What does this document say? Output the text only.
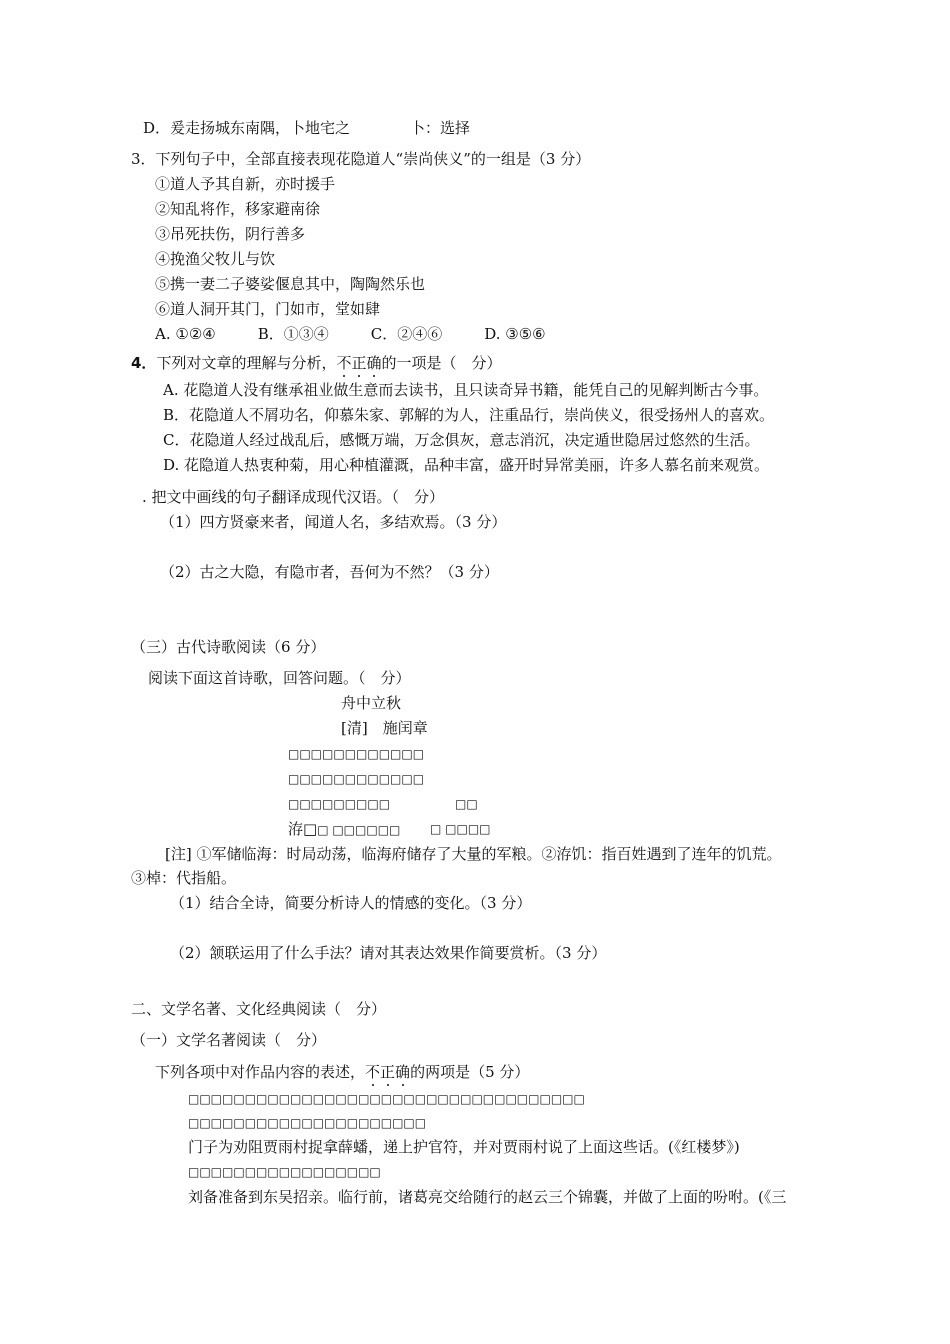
D．爰走扬城东南隅，卜地宅之	卜：选择
3．下列句子中，全部直接表现花隐道人“崇尚侠义”的一组是（3 分）
①道人予其自新，亦时援手
②知乱将作，移家避南徐
③吊死扶伤，阴行善多
④挽渔父牧儿与饮
⑤携一妻二子婆娑偃息其中，陶陶然乐也
⑥道人洞开其门，门如市，堂如肆
A. ①②④	B．①③④	C．②④⑥	D. ③⑤⑥
4．下列对文章的理解与分析，不正确的一项是（　分）
A. 花隐道人没有继承祖业做生意而去读书，且只读奇异书籍，能凭自己的见解判断古今事。
B．花隐道人不屑功名，仰慕朱家、郭解的为人，注重品行，崇尚侠义，很受扬州人的喜欢。
C．花隐道人经过战乱后，感慨万端，万念俱灰，意志消沉，决定遁世隐居过悠然的生活。
D. 花隐道人热衷种菊，用心种植灌溉，品种丰富，盛开时异常美丽，许多人慕名前来观赏。
. 把文中画线的句子翻译成现代汉语。（　分）
（1）四方贤豪来者，闻道人名，多结欢焉。（3 分）
（2）古之大隐，有隐市者，吾何为不然？（3 分）
（三）古代诗歌阅读（6 分）
阅读下面这首诗歌，回答问题。（　分）
舟中立秋
[清]　施闰章
□□□□□□□□□□□□
□□□□□□□□□□□□
□□□□□□□□□	□□
洊□□ □□□□□□ □ □□□□
[注] ①军储临海：时局动荡，临海府储存了大量的军粮。②洊饥：指百姓遇到了连年的饥荒。
③棹：代指船。
（1）结合全诗，简要分析诗人的情感的变化。（3 分）
（2）颔联运用了什么手法？请对其表达效果作简要赏析。（3 分）
二、文学名著、文化经典阅读（　分）
（一）文学名著阅读（　分）
下列各项中对作品内容的表述，不正确的两项是（5 分）
□□□□□□□□□□□□□□□□□□□□□□□□□□□□□□□□□□□
□□□□□□□□□□□□□□□□□□□□□
门子为劝阻贾雨村捉拿薛蟠，递上护官符，并对贾雨村说了上面这些话。(《红楼梦》)
□□□□□□□□□□□□□□□□□
刘备准备到东吴招亲。临行前，诸葛亮交给随行的赵云三个锦囊，并做了上面的吩咐。(《三
